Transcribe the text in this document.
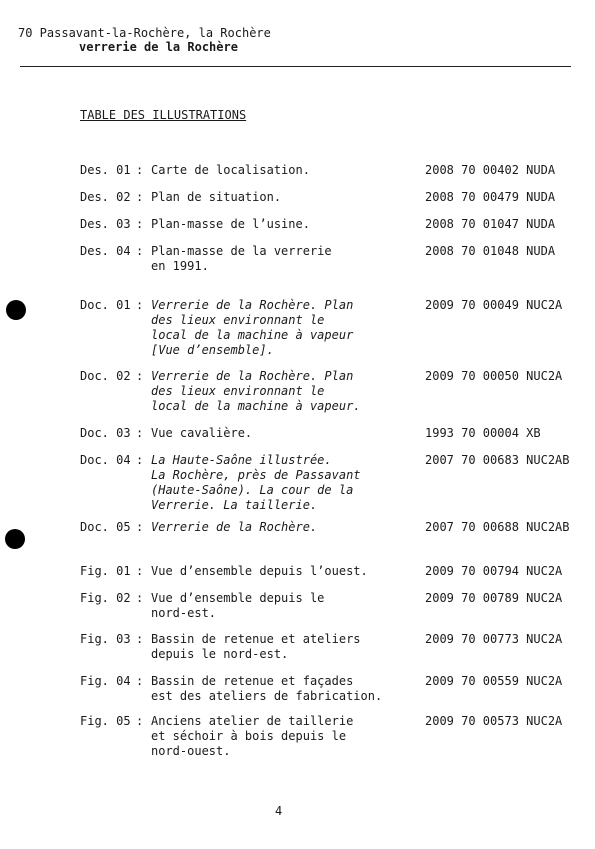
70 Passavant-la-Rochère, la Rochère
verrerie de la Rochère
TABLE DES ILLUSTRATIONS
Des. 01 : Carte de localisation.	2008 70 00402 NUDA
Des. 02 : Plan de situation.	2008 70 00479 NUDA
Des. 03 : Plan-masse de l’usine.	2008 70 01047 NUDA
Des. 04 : Plan-masse de la verrerie
en 1991.
2008 70 01048 NUDA
Doc. 01 : Verrerie de la Rochère. Plan
des lieux environnant le
local de la machine à vapeur
[Vue d’ensemble].
2009 70 00049 NUC2A
Doc. 02 : Verrerie de la Rochère. Plan
des lieux environnant le
local de la machine à vapeur.
2009 70 00050 NUC2A
Doc. 03 : Vue cavalière.	1993 70 00004 XB
Doc. 04 : La Haute-Saône illustrée.
La Rochère, près de Passavant
(Haute-Saône). La cour de la
Verrerie. La taillerie.
2007 70 00683 NUC2AB
Doc. 05 : Verrerie de la Rochère.	2007 70 00688 NUC2AB
Fig. 01 : Vue d’ensemble depuis l’ouest.	2009 70 00794 NUC2A
Fig. 02 : Vue d’ensemble depuis le
nord-est.
2009 70 00789 NUC2A
Fig. 03 : Bassin de retenue et ateliers
depuis le nord-est.
2009 70 00773 NUC2A
Fig. 04 : Bassin de retenue et façades
est des ateliers de fabrication.
2009 70 00559 NUC2A
Fig. 05 : Anciens atelier de taillerie
et séchoir à bois depuis le
nord-ouest.
2009 70 00573 NUC2A
4
